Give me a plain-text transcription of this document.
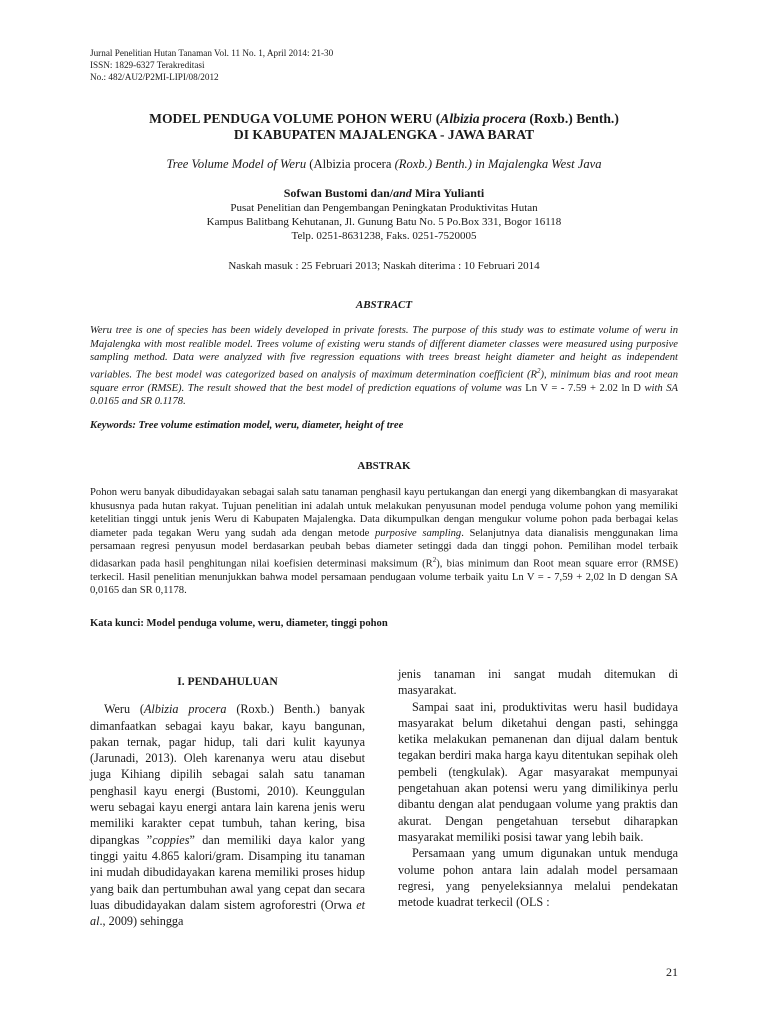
Jurnal Penelitian Hutan Tanaman Vol. 11 No. 1, April 2014: 21-30
ISSN: 1829-6327 Terakreditasi
No.: 482/AU2/P2MI-LIPI/08/2012
MODEL PENDUGA VOLUME POHON WERU (Albizia procera (Roxb.) Benth.)
DI KABUPATEN MAJALENGKA - JAWA BARAT
Tree Volume Model of Weru (Albizia procera (Roxb.) Benth.) in Majalengka West Java
Sofwan Bustomi dan/and Mira Yulianti
Pusat Penelitian dan Pengembangan Peningkatan Produktivitas Hutan
Kampus Balitbang Kehutanan, Jl. Gunung Batu No. 5 Po.Box 331, Bogor 16118
Telp. 0251-8631238, Faks. 0251-7520005
Naskah masuk : 25 Februari 2013; Naskah diterima : 10 Februari 2014
ABSTRACT
Weru tree is one of species has been widely developed in private forests. The purpose of this study was to estimate volume of weru in Majalengka with most realible model. Trees volume of existing weru stands of different diameter classes were measured using purposive sampling method. Data were analyzed with five regression equations with trees breast height diameter and height as independent variables. The best model was categorized based on analysis of maximum determination coefficient $(R^2)$, minimum bias and root mean square error (RMSE). The result showed that the best model of prediction equations of volume was Ln V = - 7.59 + 2.02 ln D with SA 0.0165 and SR 0.1178.
Keywords: Tree volume estimation model, weru, diameter, height of tree
ABSTRAK
Pohon weru banyak dibudidayakan sebagai salah satu tanaman penghasil kayu pertukangan dan energi yang dikembangkan di masyarakat khususnya pada hutan rakyat. Tujuan penelitian ini adalah untuk melakukan penyusunan model penduga volume pohon yang memiliki ketelitian tinggi untuk jenis Weru di Kabupaten Majalengka. Data dikumpulkan dengan mengukur volume pohon pada berbagai kelas diameter pada tegakan Weru yang sudah ada dengan metode purposive sampling. Selanjutnya data dianalisis menggunakan lima persamaan regresi penyusun model berdasarkan peubah bebas diameter setinggi dada dan tinggi pohon. Pemilihan model terbaik didasarkan pada hasil penghitungan nilai koefisien determinasi maksimum $(R^2)$, bias minimum dan Root mean square error (RMSE) terkecil. Hasil penelitian menunjukkan bahwa model persamaan pendugaan volume terbaik yaitu Ln V = - 7,59 + 2,02 ln D dengan SA 0,0165 dan SR 0,1178.
Kata kunci: Model penduga volume, weru, diameter, tinggi pohon
I. PENDAHULUAN

Weru (Albizia procera (Roxb.) Benth.) banyak dimanfaatkan sebagai kayu bakar, kayu bangunan, pakan ternak, pagar hidup, tali dari kulit kayunya (Jarunadi, 2013). Oleh karenanya weru atau disebut juga Kihiang dipilih sebagai salah satu tanaman penghasil kayu energi (Bustomi, 2010). Keunggulan weru sebagai kayu energi antara lain karena jenis weru memiliki karakter cepat tumbuh, tahan kering, bisa dipangkas ”coppies” dan memiliki daya kalor yang tinggi yaitu 4.865 kalori/gram. Disamping itu tanaman ini mudah dibudidayakan karena memiliki proses hidup yang baik dan pertumbuhan awal yang cepat dan secara luas dibudidayakan dalam sistem agroforestri (Orwa et al., 2009) sehingga

jenis tanaman ini sangat mudah ditemukan di masyarakat.

Sampai saat ini, produktivitas weru hasil budidaya masyarakat belum diketahui dengan pasti, sehingga ketika melakukan pemanenan dan dijual dalam bentuk tegakan berdiri maka harga kayu ditentukan sepihak oleh pembeli (tengkulak). Agar masyarakat mempunyai pengetahuan akan potensi weru yang dimilikinya perlu dibantu dengan alat pendugaan volume yang praktis dan akurat. Dengan pengetahuan tersebut diharapkan masyarakat memiliki posisi tawar yang lebih baik.

Persamaan yang umum digunakan untuk menduga volume pohon antara lain adalah model persamaan regresi, yang penyeleksiannya melalui pendekatan metode kuadrat terkecil (OLS :

21
